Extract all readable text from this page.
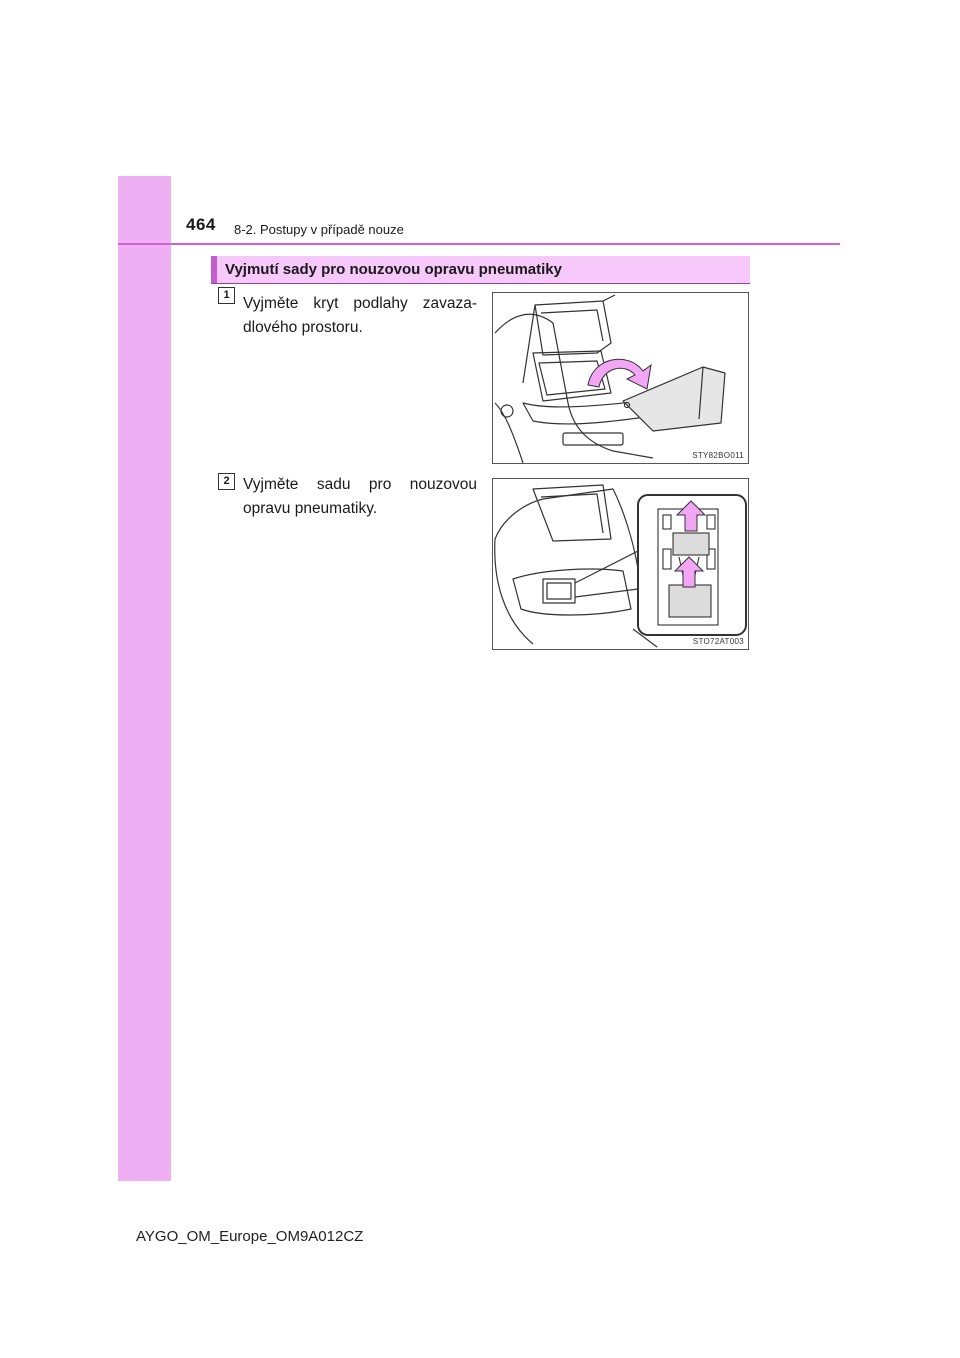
464 8-2. Postupy v případě nouze
Vyjmutí sady pro nouzovou opravu pneumatiky
1 Vyjměte kryt podlahy zavaza-dlového prostoru.
STY82BO011
2 Vyjměte sadu pro nouzovou opravu pneumatiky.
STO72AT003
AYGO_OM_Europe_OM9A012CZ
